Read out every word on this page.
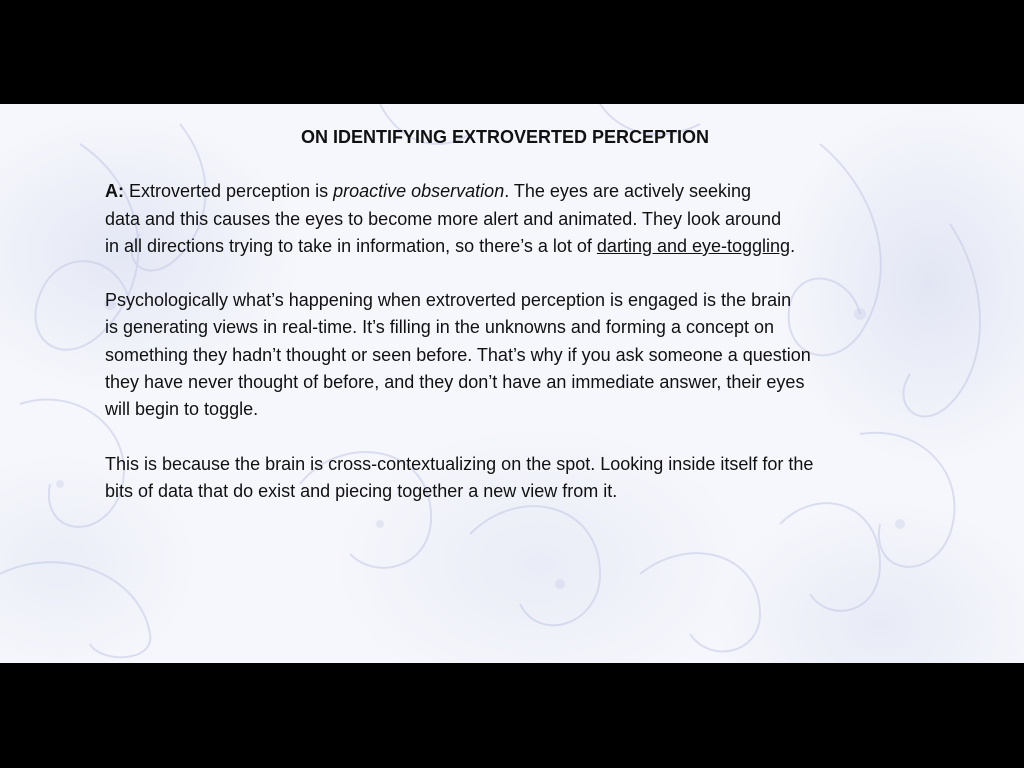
ON IDENTIFYING EXTROVERTED PERCEPTION
A: Extroverted perception is proactive observation. The eyes are actively seeking
data and this causes the eyes to become more alert and animated. They look around
in all directions trying to take in information, so there’s a lot of darting and eye-toggling.
Psychologically what’s happening when extroverted perception is engaged is the brain
is generating views in real-time. It’s filling in the unknowns and forming a concept on
something they hadn’t thought or seen before. That’s why if you ask someone a question
they have never thought of before, and they don’t have an immediate answer, their eyes
will begin to toggle.
This is because the brain is cross-contextualizing on the spot. Looking inside itself for the
bits of data that do exist and piecing together a new view from it.
